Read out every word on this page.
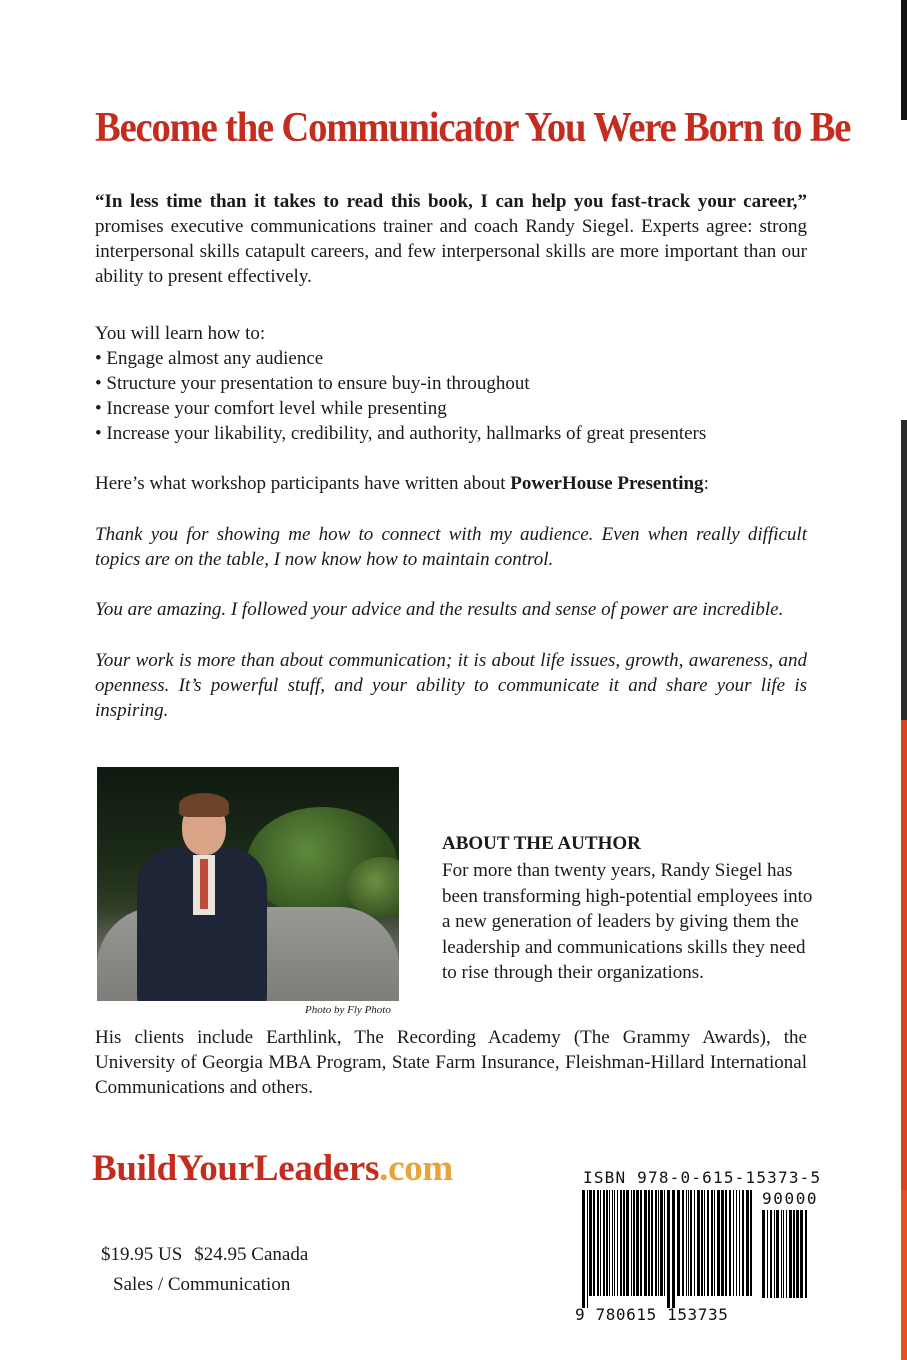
Become the Communicator You Were Born to Be
“In less time than it takes to read this book, I can help you fast-track your career,” promises executive communications trainer and coach Randy Siegel. Experts agree: strong interpersonal skills catapult careers, and few interpersonal skills are more important than our ability to present effectively.
You will learn how to:
• Engage almost any audience
• Structure your presentation to ensure buy-in throughout
• Increase your comfort level while presenting
• Increase your likability, credibility, and authority, hallmarks of great presenters
Here’s what workshop participants have written about PowerHouse Presenting:
Thank you for showing me how to connect with my audience. Even when really difficult topics are on the table, I now know how to maintain control.
You are amazing. I followed your advice and the results and sense of power are incredible.
Your work is more than about communication; it is about life issues, growth, awareness, and openness. It’s powerful stuff, and your ability to communicate it and share your life is inspiring.
Photo by Fly Photo
ABOUT THE AUTHOR
For more than twenty years, Randy Siegel has been transforming high-potential employees into a new generation of leaders by giving them the leadership and communications skills they need to rise through their organizations.
His clients include Earthlink, The Recording Academy (The Grammy Awards), the University of Georgia MBA Program, State Farm Insurance, Fleishman-Hillard International Communications and others.
BuildYourLeaders.com	ISBN 978-0-615-15373-5
90000
9 780615 153735
$19.95 US $24.95 Canada
Sales / Communication
